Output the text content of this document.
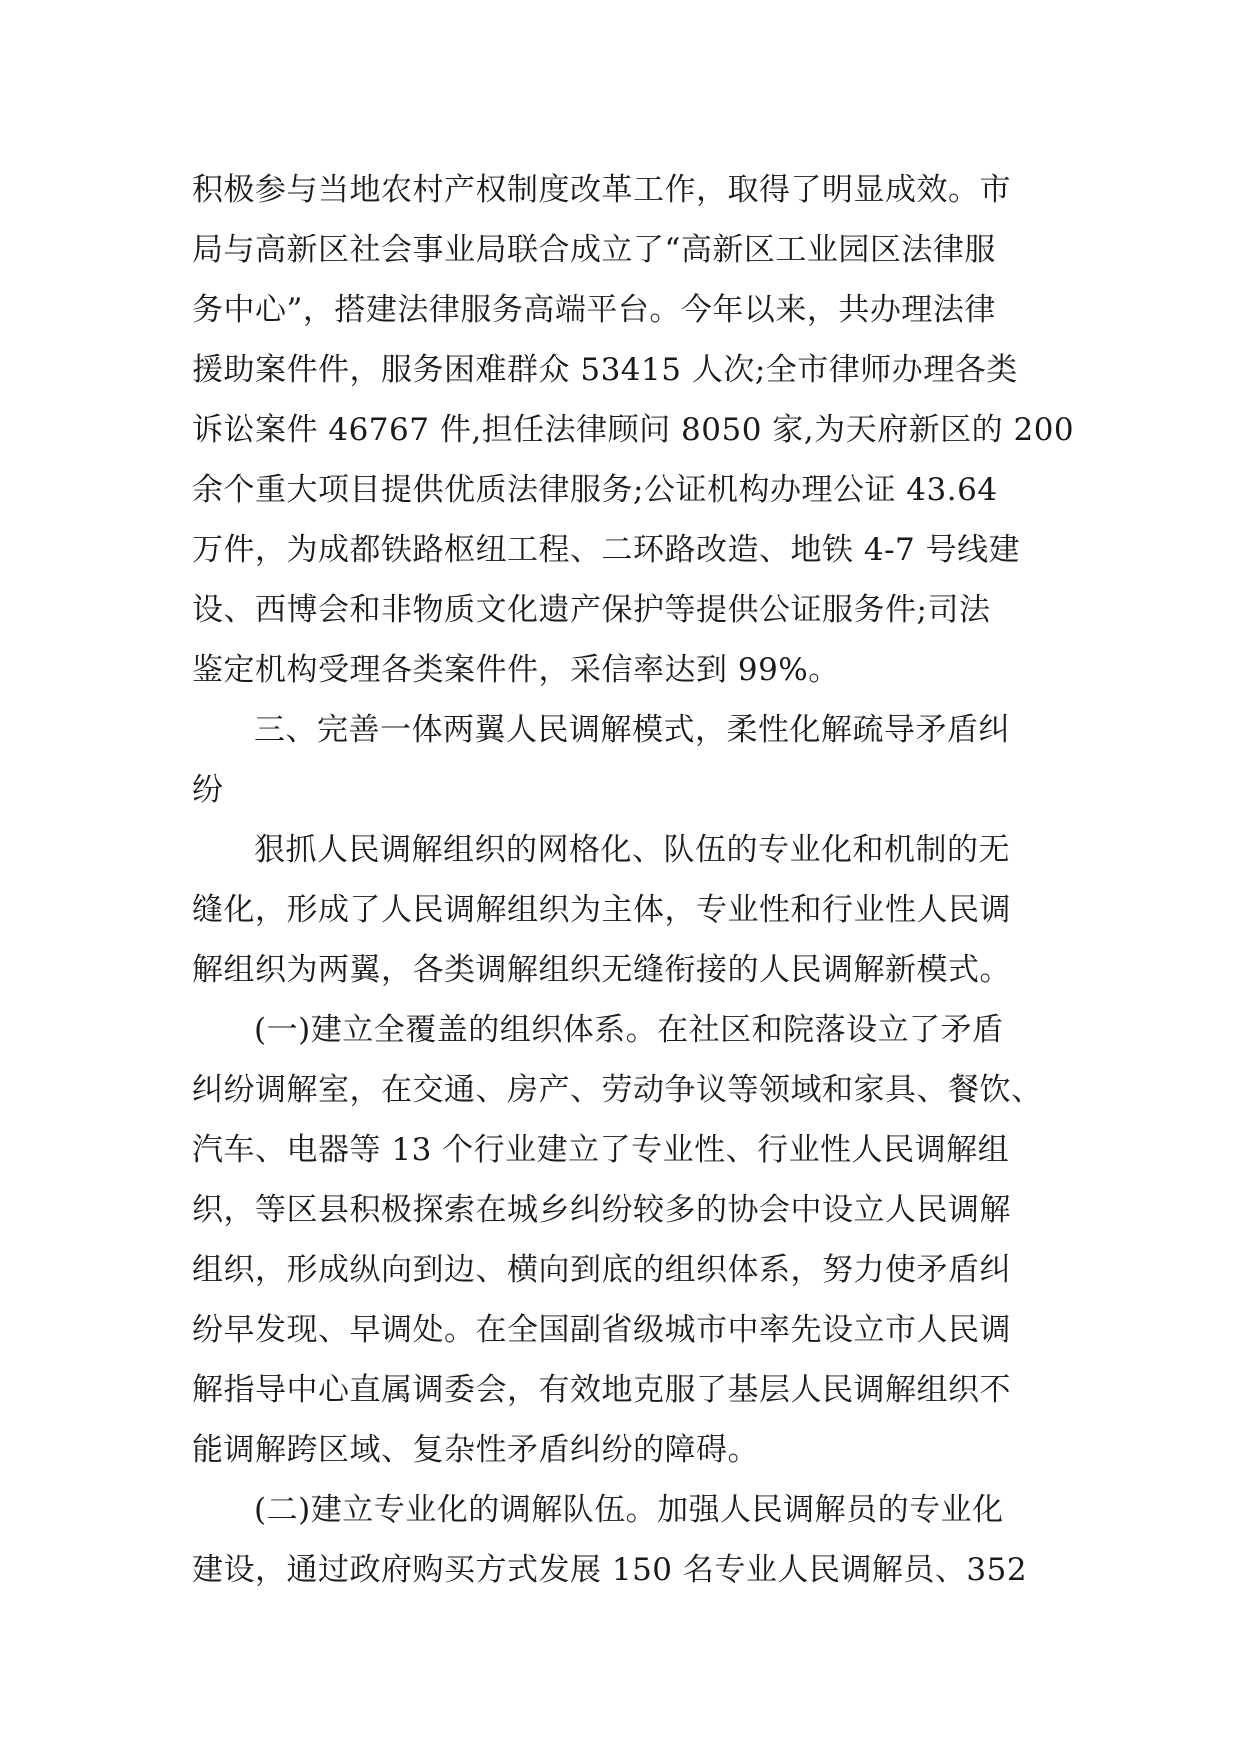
积极参与当地农村产权制度改革工作，取得了明显成效。市
局与高新区社会事业局联合成立了“高新区工业园区法律服
务中心”，搭建法律服务高端平台。今年以来，共办理法律
援助案件件，服务困难群众 53415 人次;全市律师办理各类
诉讼案件 46767 件,担任法律顾问 8050 家,为天府新区的 200
余个重大项目提供优质法律服务;公证机构办理公证 43.64
万件，为成都铁路枢纽工程、二环路改造、地铁 4-7 号线建
设、西博会和非物质文化遗产保护等提供公证服务件;司法
鉴定机构受理各类案件件，采信率达到 99%。
三、完善一体两翼人民调解模式，柔性化解疏导矛盾纠
纷
狠抓人民调解组织的网格化、队伍的专业化和机制的无
缝化，形成了人民调解组织为主体，专业性和行业性人民调
解组织为两翼，各类调解组织无缝衔接的人民调解新模式。
(一)建立全覆盖的组织体系。在社区和院落设立了矛盾
纠纷调解室，在交通、房产、劳动争议等领域和家具、餐饮、
汽车、电器等 13 个行业建立了专业性、行业性人民调解组
织，等区县积极探索在城乡纠纷较多的协会中设立人民调解
组织，形成纵向到边、横向到底的组织体系，努力使矛盾纠
纷早发现、早调处。在全国副省级城市中率先设立市人民调
解指导中心直属调委会，有效地克服了基层人民调解组织不
能调解跨区域、复杂性矛盾纠纷的障碍。
(二)建立专业化的调解队伍。加强人民调解员的专业化
建设，通过政府购买方式发展 150 名专业人民调解员、352
